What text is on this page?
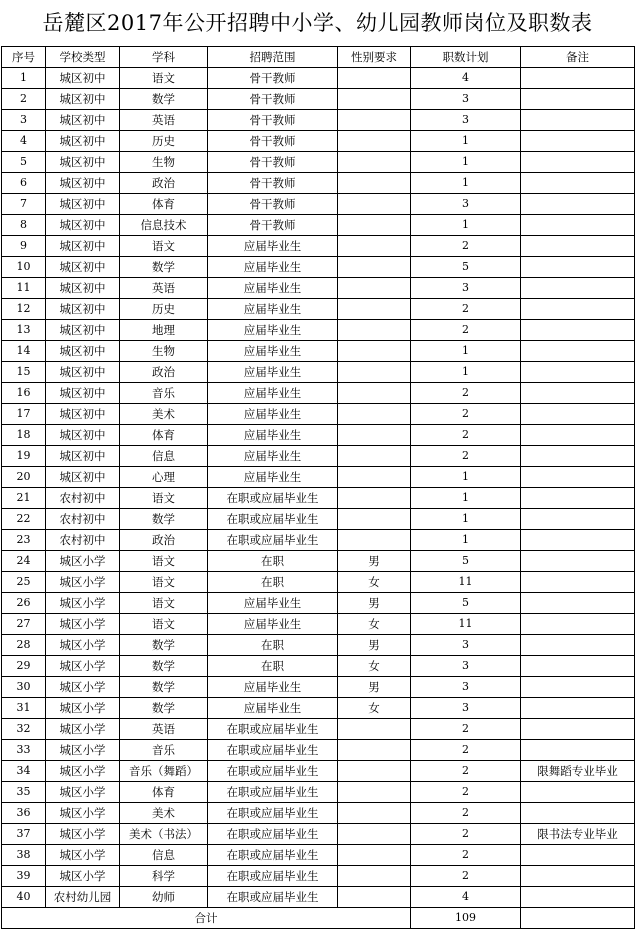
岳麓区2017年公开招聘中小学、幼儿园教师岗位及职数表
序号	学校类型	学科	招聘范围	性别要求	职数计划	备注
1	城区初中	语文	骨干教师		4	
2	城区初中	数学	骨干教师		3	
3	城区初中	英语	骨干教师		3	
4	城区初中	历史	骨干教师		1	
5	城区初中	生物	骨干教师		1	
6	城区初中	政治	骨干教师		1	
7	城区初中	体育	骨干教师		3	
8	城区初中	信息技术	骨干教师		1	
9	城区初中	语文	应届毕业生		2	
10	城区初中	数学	应届毕业生		5	
11	城区初中	英语	应届毕业生		3	
12	城区初中	历史	应届毕业生		2	
13	城区初中	地理	应届毕业生		2	
14	城区初中	生物	应届毕业生		1	
15	城区初中	政治	应届毕业生		1	
16	城区初中	音乐	应届毕业生		2	
17	城区初中	美术	应届毕业生		2	
18	城区初中	体育	应届毕业生		2	
19	城区初中	信息	应届毕业生		2	
20	城区初中	心理	应届毕业生		1	
21	农村初中	语文	在职或应届毕业生		1	
22	农村初中	数学	在职或应届毕业生		1	
23	农村初中	政治	在职或应届毕业生		1	
24	城区小学	语文	在职	男	5	
25	城区小学	语文	在职	女	11	
26	城区小学	语文	应届毕业生	男	5	
27	城区小学	语文	应届毕业生	女	11	
28	城区小学	数学	在职	男	3	
29	城区小学	数学	在职	女	3	
30	城区小学	数学	应届毕业生	男	3	
31	城区小学	数学	应届毕业生	女	3	
32	城区小学	英语	在职或应届毕业生		2	
33	城区小学	音乐	在职或应届毕业生		2	
34	城区小学	音乐（舞蹈）	在职或应届毕业生		2	限舞蹈专业毕业
35	城区小学	体育	在职或应届毕业生		2	
36	城区小学	美术	在职或应届毕业生		2	
37	城区小学	美术（书法）	在职或应届毕业生		2	限书法专业毕业
38	城区小学	信息	在职或应届毕业生		2	
39	城区小学	科学	在职或应届毕业生		2	
40	农村幼儿园	幼师	在职或应届毕业生		4	
合计					109	
